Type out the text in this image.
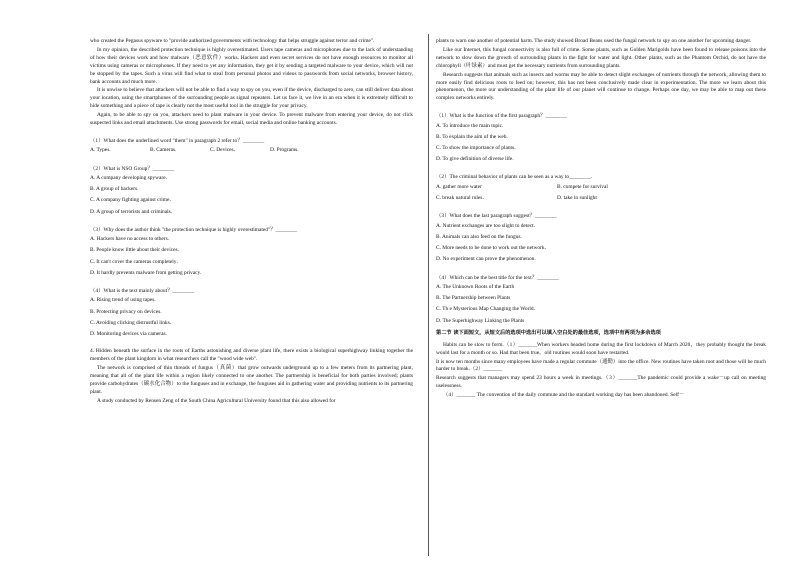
who created the Pegasus spyware to "provide authorized governments with technology that helps struggle against terror and crime".

In my opinion, the described protection technique is highly overestimated. Users tape cameras and microphones due to the lack of understanding of how their devices work and how malware（恶意软件）works. Hackers and even secret services do not have enough resources to monitor all victims using cameras or microphones. If they need to yet any information, they get it by sending a targeted malware to your device, which will not be stopped by the tapes. Such a virus will find what to steal from personal photos and videos to passwords from social networks, browser history, bank accounts and much more.

It is unwise to believe that attackers will not be able to find a way to spy on you, even if the device, discharged to zero, can still deliver data about your location, using the smartphones of the surrounding people as signal repeaters. Let us face it, we live in an era when it is extremely difficult to hide something and a piece of tape is clearly not the most useful tool in the struggle for your privacy.

Again, to be able to spy on you, attackers need to plant malware in your device. To prevent malware from entering your device, do not click suspected links and email attachments. Use strong passwords for email, social media and online banking accounts.

（1）What does the underlined word "them" in paragraph 2 refer to？________
A. Types.	B. Cameras.	C. Devices．	D. Programs.
（2）What is NSO Group？________
A. A company developing spyware.
B. A group of hackers.
C. A company fighting against crime．
D. A group of terrorists and criminals.
（3）Why does the author think "the protection technique is highly overestimated"？________
A. Hackers have no access to others.
B. People know little about their devices.
C. It can't cover the cameras completely．
D. It hardly prevents malware from getting privacy.
（4）What is the text mainly about？________
A. Rising trend of using tapes.
B. Protecting privacy on devices.
C. Avoiding clicking distrustful links．
D. Monitoring devices via cameras.

4. Hidden beneath the surface in the roots of Earths astonishing and diverse plant life, there exists a biological superhighway linking together the members of the plant kingdom in what researchers call the "wood wide web".

The network is comprised of thin threads of fungus（真菌）that grow outwards underground up to a few meters from its partnering plant, meaning that all of the plant life within a region likely connected to one another. The partnership is beneficial for both parties involved; plants provide carbohydrates（碳水化合物）to the funguses and in exchange, the funguses aid in gathering water and providing nutrients to its partnering plant.

A study conducted by Rensen Zeng of the South China Agricultural University found that this also allowed for

plants to warn one another of potential harm. The study showed Broad Beans used the fungal network to spy on one another for upcoming danger.

Like our Internet, this fungal connectivity is also full of crime. Some plants, such as Golden Marigolds have been found to release poisons into the network to slow down the growth of surrounding plants in the fight for water and light. Other plants, such as the Phantom Orchid, do not have the chlorophyll（叶绿素）and must get the necessary nutrients from surrounding plants.

Research suggests that animals such as insects and worms may be able to detect slight exchanges of nutrients through the network, allowing them to more easily find delicious roots to feed on; however, this has not been conclusively made clear in experimentation. The more we learn about this phenomenon, the more our understanding of the plant life of our planet will continue to change. Perhaps one day, we may be able to map out these complex networks entirely.

（1）What is the function of the first paragraph？________
A. To introduce the main topic.
B. To explain the aim of the web.
C. To show the importance of plants．
D. To give definition of diverse life.
（2）The criminal behavior of plants can be seen as a way to________.
A. gather more water	B. compete for survival
C. break natural rules．	D. take in sunlight
（3）What does the last paragraph suggest？________
A. Nutrient exchanges are too slight to detect.
B. Animals can also feed on the fungus.
C. More needs to be done to work out the network．
D. No experiment can prove the phenomenon.
（4）Which can be the best title for the text？________
A. The Unknown Roots of the Earth
B. The Partnership between Plants
C. Th e Mysterious Map Changing the World．
D. The Superhighway Linking the Plants
第二节 读下面短文，从短文后的选项中选出可以填入空白处的最佳选项，选项中有两项为多余选项

Habits can be slow to form.（1）_______When workers headed home during the first lockdown of March 2020，they probably thought the break would last for a month or so. Had that been true，old routines would soon have restarted.

It is now ten months since many employees have made a regular commute（通勤）into the office. New routines have taken root and those will be much harder to break.（2）_______

Research suggests that managers may spend 23 hours a week in meetings.（3）_______The pandemic could provide a wake－up call on meeting uselessness.

（4）_______ The convention of the daily commute and the standard working day has been abandoned. Self－
